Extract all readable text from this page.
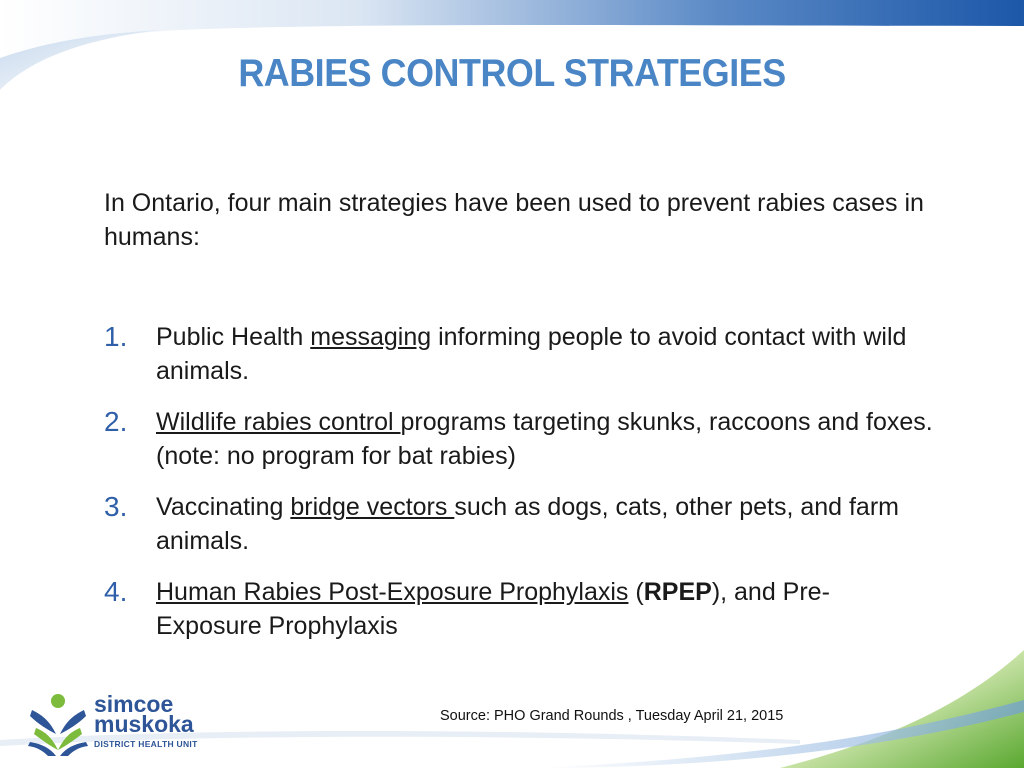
RABIES CONTROL STRATEGIES
In Ontario, four main strategies have been used to prevent rabies cases in humans:
1. Public Health messaging informing people to avoid contact with wild animals.
2. Wildlife rabies control programs targeting skunks, raccoons and foxes. (note: no program for bat rabies)
3. Vaccinating bridge vectors such as dogs, cats, other pets, and farm animals.
4. Human Rabies Post-Exposure Prophylaxis (RPEP), and Pre-Exposure Prophylaxis
simcoe
muskoka
DISTRICT HEALTH UNIT
Source: PHO Grand Rounds , Tuesday April 21, 2015
